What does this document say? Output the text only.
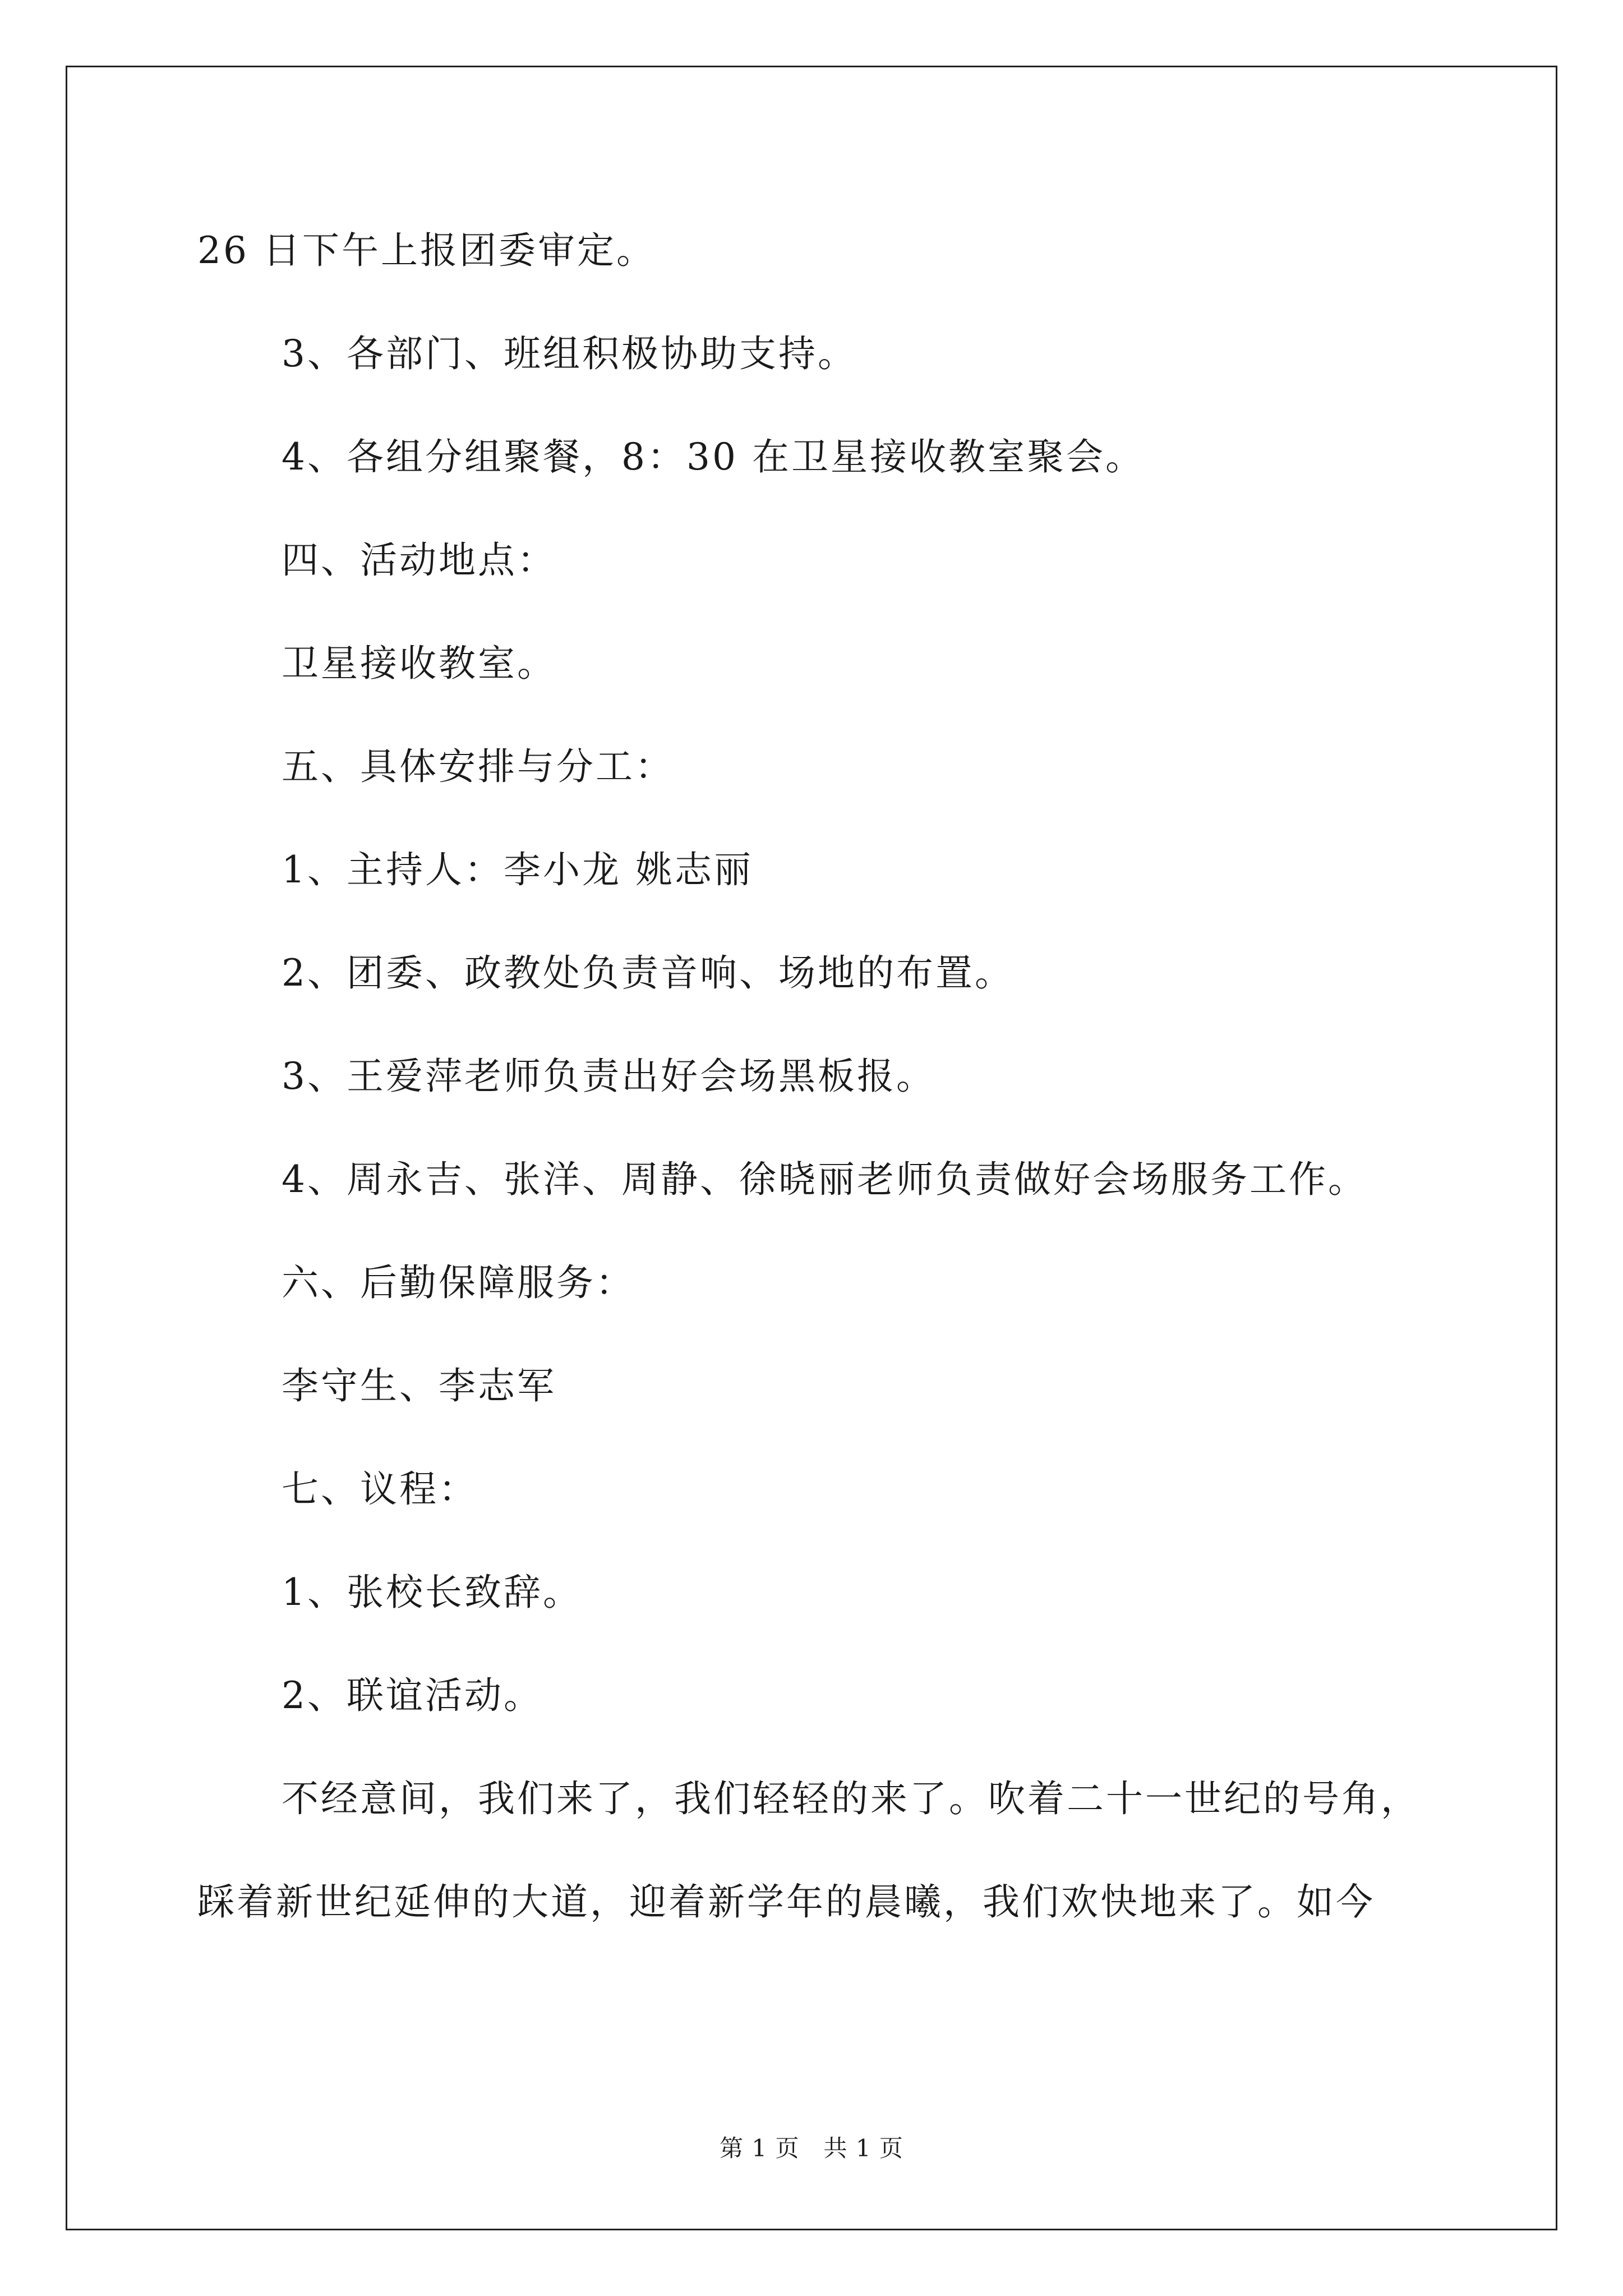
26 日下午上报团委审定。
3、各部门、班组积极协助支持。
4、各组分组聚餐，8：30 在卫星接收教室聚会。
四、活动地点：
卫星接收教室。
五、具体安排与分工：
1、主持人：李小龙 姚志丽
2、团委、政教处负责音响、场地的布置。
3、王爱萍老师负责出好会场黑板报。
4、周永吉、张洋、周静、徐晓丽老师负责做好会场服务工作。
六、后勤保障服务：
李守生、李志军
七、议程：
1、张校长致辞。
2、联谊活动。
不经意间，我们来了，我们轻轻的来了。吹着二十一世纪的号角，
踩着新世纪延伸的大道，迎着新学年的晨曦，我们欢快地来了。如今
第 1 页　共 1 页
